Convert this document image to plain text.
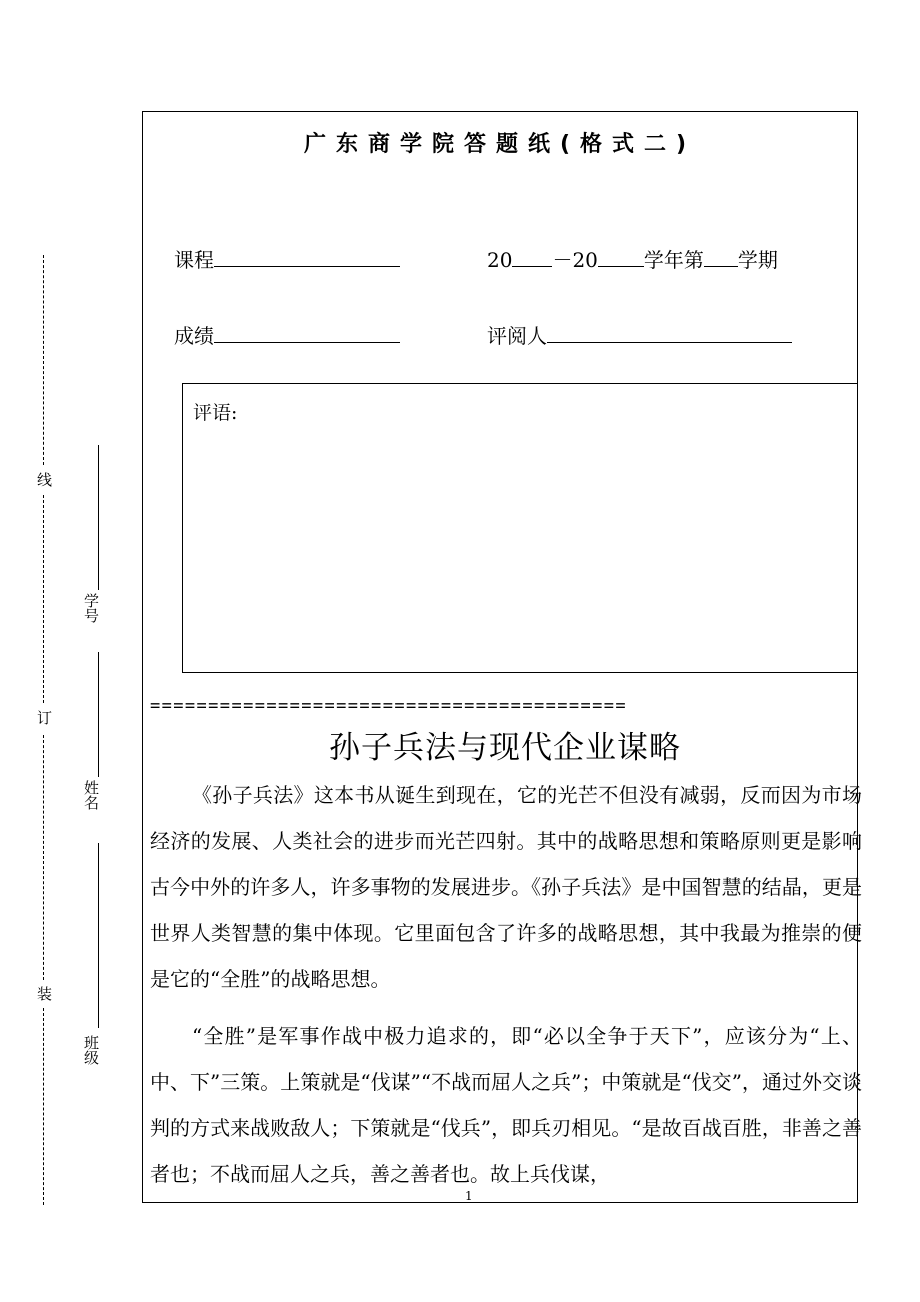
线
订
装
学号
姓名
班级
广东商学院答题纸(格式二)
课程	20 －20 学年第 学期
成绩	评阅人
评语:
=========================================
孙子兵法与现代企业谋略

《孙子兵法》这本书从诞生到现在，它的光芒不但没有减弱，反而因为市场经济的发展、人类社会的进步而光芒四射。其中的战略思想和策略原则更是影响古今中外的许多人，许多事物的发展进步。《孙子兵法》是中国智慧的结晶，更是世界人类智慧的集中体现。它里面包含了许多的战略思想，其中我最为推崇的便是它的“全胜”的战略思想。

“全胜”是军事作战中极力追求的，即“必以全争于天下”，应该分为“上、中、下”三策。上策就是“伐谋”“不战而屈人之兵”；中策就是“伐交”，通过外交谈判的方式来战败敌人；下策就是“伐兵”，即兵刃相见。“是故百战百胜，非善之善者也；不战而屈人之兵，善之善者也。故上兵伐谋，

1
